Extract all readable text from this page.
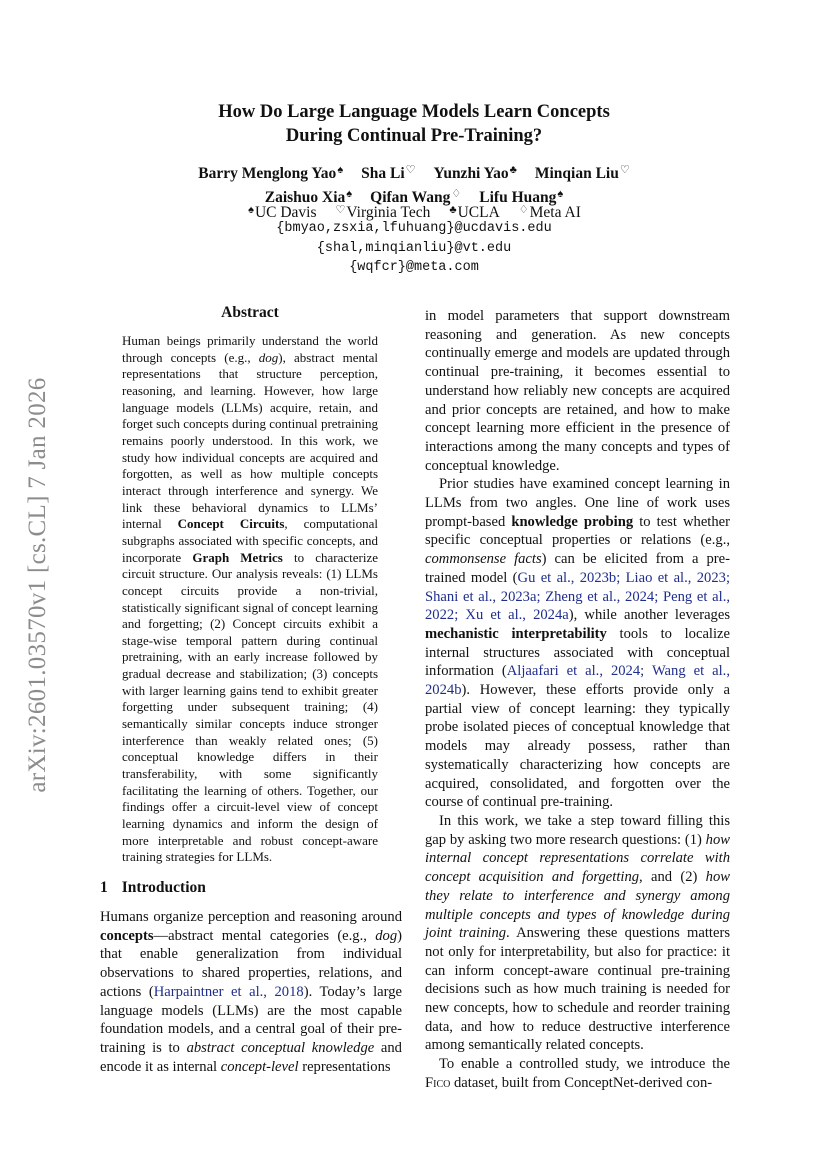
arXiv:2601.03570v1 [cs.CL] 7 Jan 2026
How Do Large Language Models Learn Concepts
During Continual Pre-Training?
Barry Menglong Yao♠ Sha Li♡ Yunzhi Yao♣ Minqian Liu♡
Zaishuo Xia♠ Qifan Wang♢ Lifu Huang♠
♠UC Davis ♡Virginia Tech ♣UCLA ♢Meta AI
{bmyao,zsxia,lfuhuang}@ucdavis.edu
{shal,minqianliu}@vt.edu
{wqfcr}@meta.com
Abstract
Human beings primarily understand the world through concepts (e.g., dog), abstract mental representations that structure perception, reasoning, and learning. However, how large language models (LLMs) acquire, retain, and forget such concepts during continual pretraining remains poorly understood. In this work, we study how individual concepts are acquired and forgotten, as well as how multiple concepts interact through interference and synergy. We link these behavioral dynamics to LLMs’ internal Concept Circuits, computational subgraphs associated with specific concepts, and incorporate Graph Metrics to characterize circuit structure. Our analysis reveals: (1) LLMs concept circuits provide a non-trivial, statistically significant signal of concept learning and forgetting; (2) Concept circuits exhibit a stage-wise temporal pattern during continual pretraining, with an early increase followed by gradual decrease and stabilization; (3) concepts with larger learning gains tend to exhibit greater forgetting under subsequent training; (4) semantically similar concepts induce stronger interference than weakly related ones; (5) conceptual knowledge differs in their transferability, with some significantly facilitating the learning of others. Together, our findings offer a circuit-level view of concept learning dynamics and inform the design of more interpretable and robust concept-aware training strategies for LLMs.
1 Introduction

Humans organize perception and reasoning around concepts—abstract mental categories (e.g., dog) that enable generalization from individual observations to shared properties, relations, and actions (Harpaintner et al., 2018). Today’s large language models (LLMs) are the most capable foundation models, and a central goal of their pre-training is to abstract conceptual knowledge and encode it as internal concept-level representations

in model parameters that support downstream reasoning and generation. As new concepts continually emerge and models are updated through continual pre-training, it becomes essential to understand how reliably new concepts are acquired and prior concepts are retained, and how to make concept learning more efficient in the presence of interactions among the many concepts and types of conceptual knowledge.

Prior studies have examined concept learning in LLMs from two angles. One line of work uses prompt-based knowledge probing to test whether specific conceptual properties or relations (e.g., commonsense facts) can be elicited from a pre-trained model (Gu et al., 2023b; Liao et al., 2023; Shani et al., 2023a; Zheng et al., 2024; Peng et al., 2022; Xu et al., 2024a), while another leverages mechanistic interpretability tools to localize internal structures associated with conceptual information (Aljaafari et al., 2024; Wang et al., 2024b). However, these efforts provide only a partial view of concept learning: they typically probe isolated pieces of conceptual knowledge that models may already possess, rather than systematically characterizing how concepts are acquired, consolidated, and forgotten over the course of continual pre-training.

In this work, we take a step toward filling this gap by asking two more research questions: (1) how internal concept representations correlate with concept acquisition and forgetting, and (2) how they relate to interference and synergy among multiple concepts and types of knowledge during joint training. Answering these questions matters not only for interpretability, but also for practice: it can inform concept-aware continual pre-training decisions such as how much training is needed for new concepts, how to schedule and reorder training data, and how to reduce destructive interference among semantically related concepts.

To enable a controlled study, we introduce the Fico dataset, built from ConceptNet-derived con-
